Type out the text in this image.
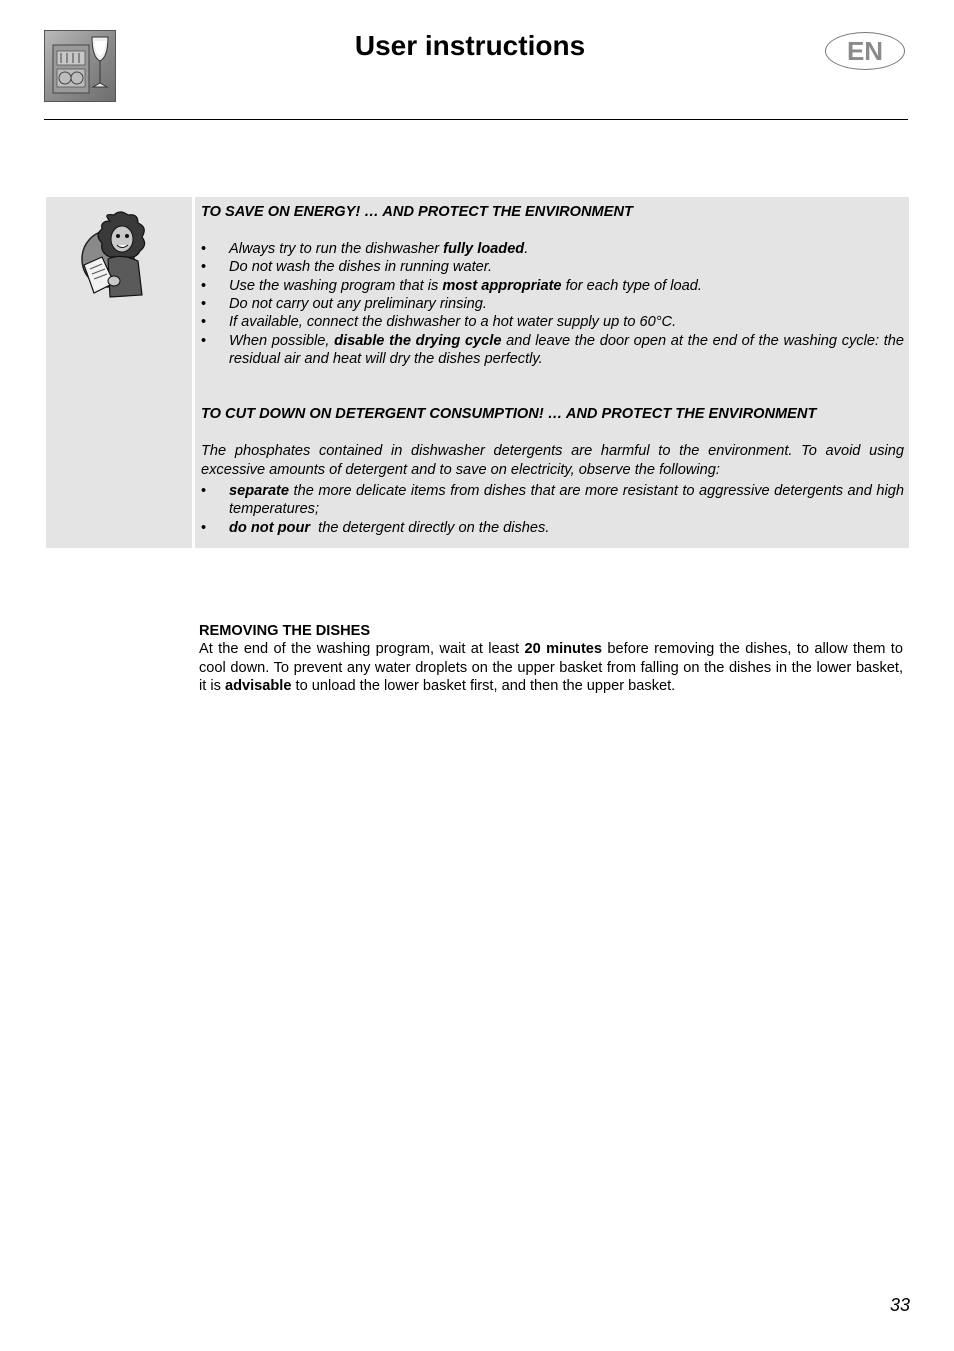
User instructions	EN

TO SAVE ON ENERGY! … AND PROTECT THE ENVIRONMENT

• Always try to run the dishwasher fully loaded.
• Do not wash the dishes in running water.
• Use the washing program that is most appropriate for each type of load.
• Do not carry out any preliminary rinsing.
• If available, connect the dishwasher to a hot water supply up to 60°C.
• When possible, disable the drying cycle and leave the door open at the end of the washing cycle: the residual air and heat will dry the dishes perfectly.

TO CUT DOWN ON DETERGENT CONSUMPTION! … AND PROTECT THE ENVIRONMENT

The phosphates contained in dishwasher detergents are harmful to the environment. To avoid using excessive amounts of detergent and to save on electricity, observe the following:

• separate the more delicate items from dishes that are more resistant to aggressive detergents and high temperatures;
• do not pour  the detergent directly on the dishes.

REMOVING THE DISHES

At the end of the washing program, wait at least 20 minutes before removing the dishes, to allow them to cool down. To prevent any water droplets on the upper basket from falling on the dishes in the lower basket, it is advisable to unload the lower basket first, and then the upper basket.

33
